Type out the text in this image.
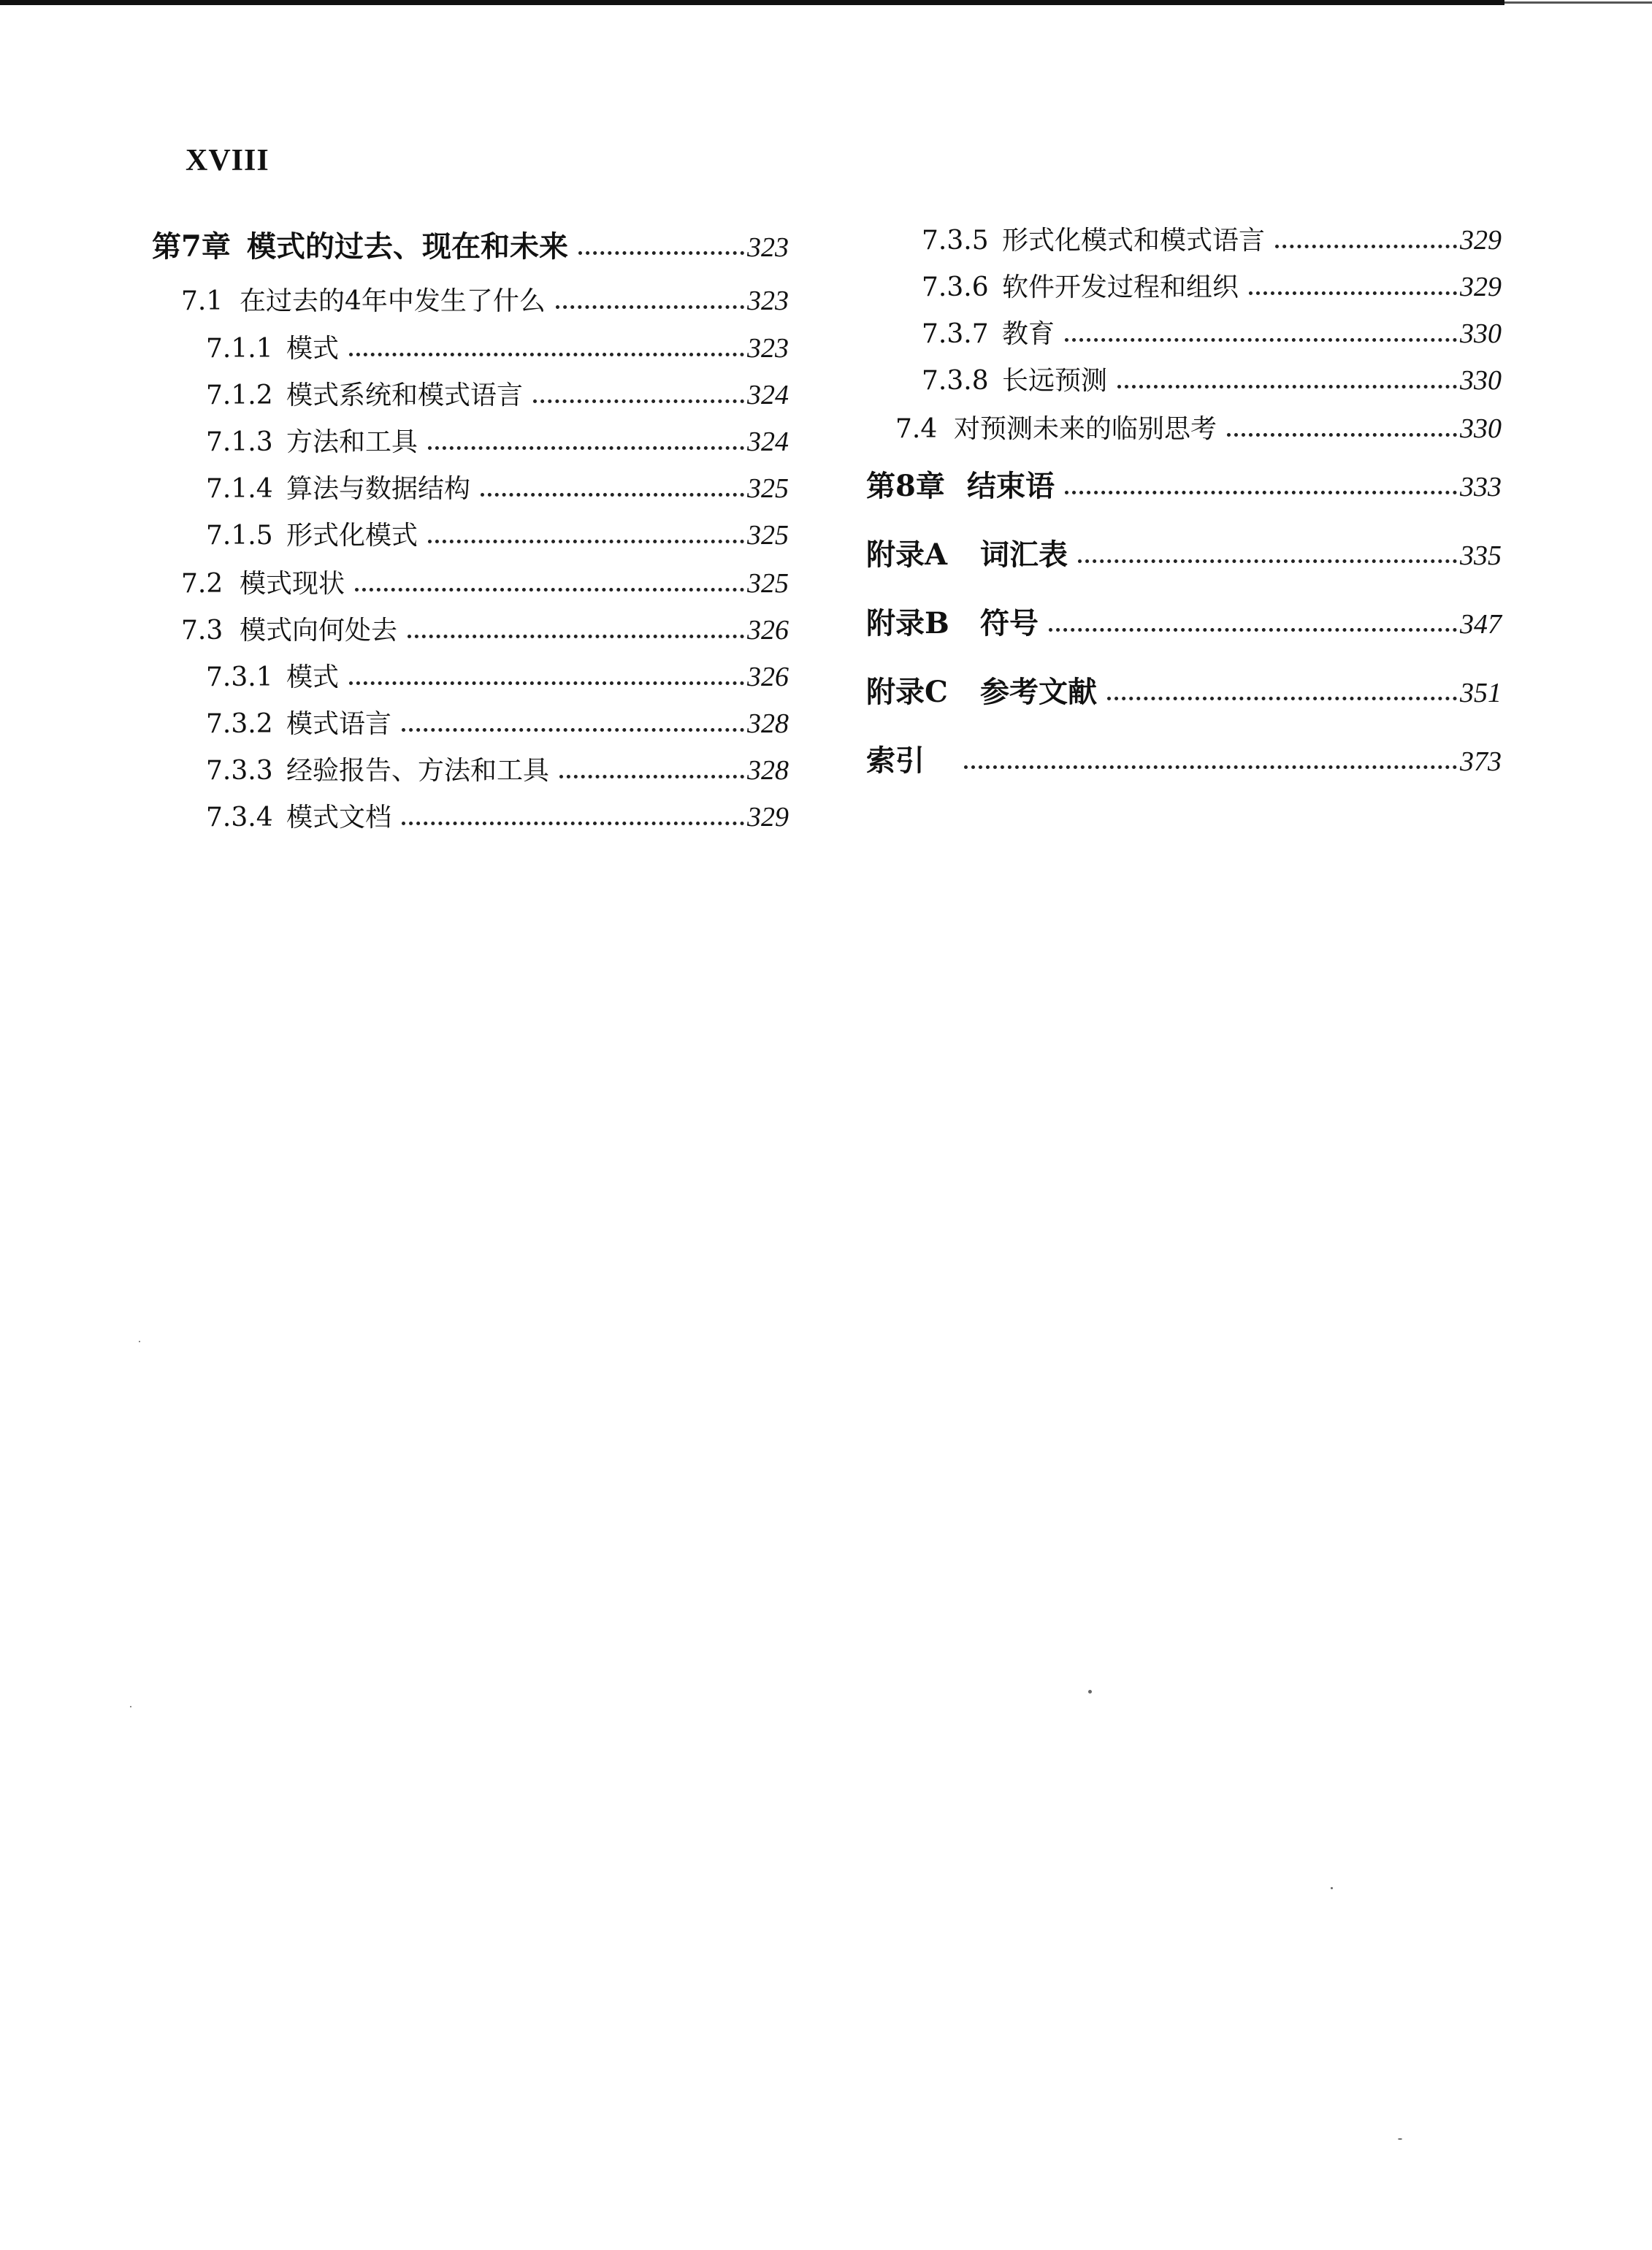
XVIII
第7章 模式的过去、现在和未来	323
7.1 在过去的4年中发生了什么	323
7.1.1 模式	323
7.1.2 模式系统和模式语言	324
7.1.3 方法和工具	324
7.1.4 算法与数据结构	325
7.1.5 形式化模式	325
7.2 模式现状	325
7.3 模式向何处去	326
7.3.1 模式	326
7.3.2 模式语言	328
7.3.3 经验报告、方法和工具	328
7.3.4 模式文档	329
7.3.5 形式化模式和模式语言	329
7.3.6 软件开发过程和组织	329
7.3.7 教育	330
7.3.8 长远预测	330
7.4 对预测未来的临别思考	330
第8章 结束语	333
附录A	词汇表	335
附录B	符号	347
附录C	参考文献	351
索引	373
